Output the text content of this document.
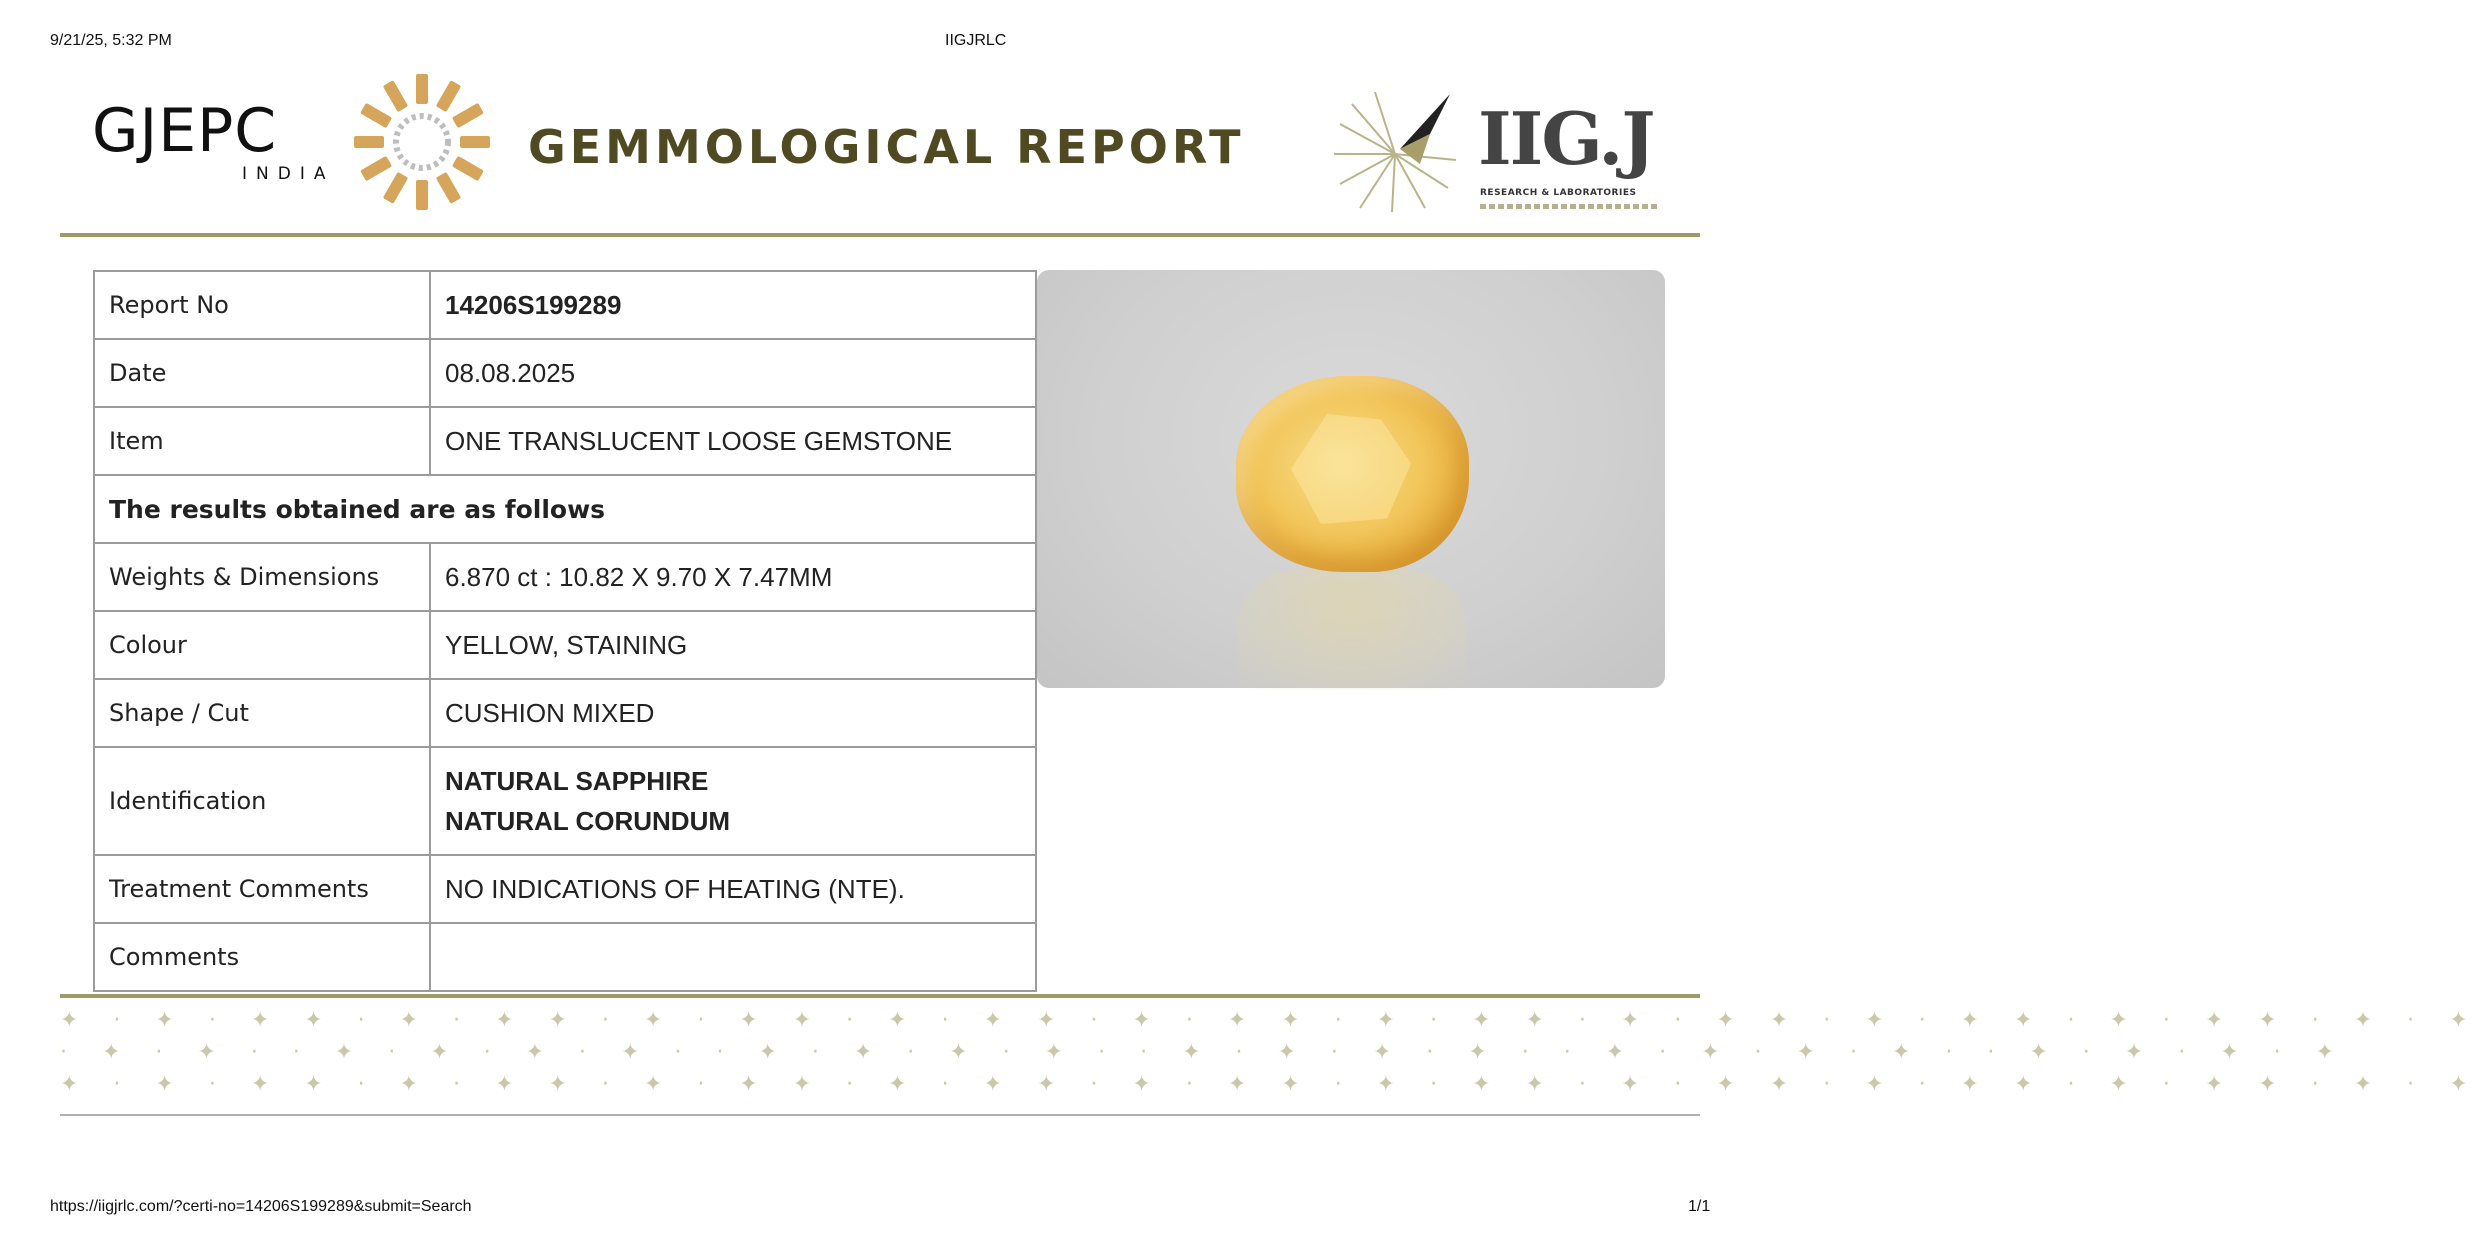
9/21/25, 5:32 PM	IIGJRLC
GJEPC
INDIA	GEMMOLOGICAL REPORT	IIG.J
RESEARCH & LABORATORIES
Report No	14206S199289
Date	08.08.2025
Item	ONE TRANSLUCENT LOOSE GEMSTONE
The results obtained are as follows	
Weights & Dimensions	6.870 ct : 10.82 X 9.70 X 7.47MM
Colour	YELLOW, STAINING
Shape / Cut	CUSHION MIXED
Identification	NATURAL SAPPHIRE
NATURAL CORUNDUM

Treatment Comments	NO INDICATIONS OF HEATING (NTE).
Comments	
✦ · ✦ · ✦ ✦ · ✦ · ✦ ✦ · ✦ · ✦ ✦ · ✦ · ✦ ✦ · ✦ · ✦ ✦ · ✦ · ✦ ✦ · ✦ · ✦ ✦ · ✦ · ✦ ✦ · ✦ · ✦ ✦ · ✦ · ✦
· ✦ · ✦ · · ✦ · ✦ · ✦ · ✦ · · ✦ · ✦ · ✦ · ✦ · · ✦ · ✦ · ✦ · ✦ · · ✦ · ✦ · ✦ · ✦ · · ✦ · ✦ · ✦ · ✦
✦ · ✦ · ✦ ✦ · ✦ · ✦ ✦ · ✦ · ✦ ✦ · ✦ · ✦ ✦ · ✦ · ✦ ✦ · ✦ · ✦ ✦ · ✦ · ✦ ✦ · ✦ · ✦ ✦ · ✦ · ✦ ✦ · ✦ · ✦
https://iigjrlc.com/?certi-no=14206S199289&submit=Search	1/1
